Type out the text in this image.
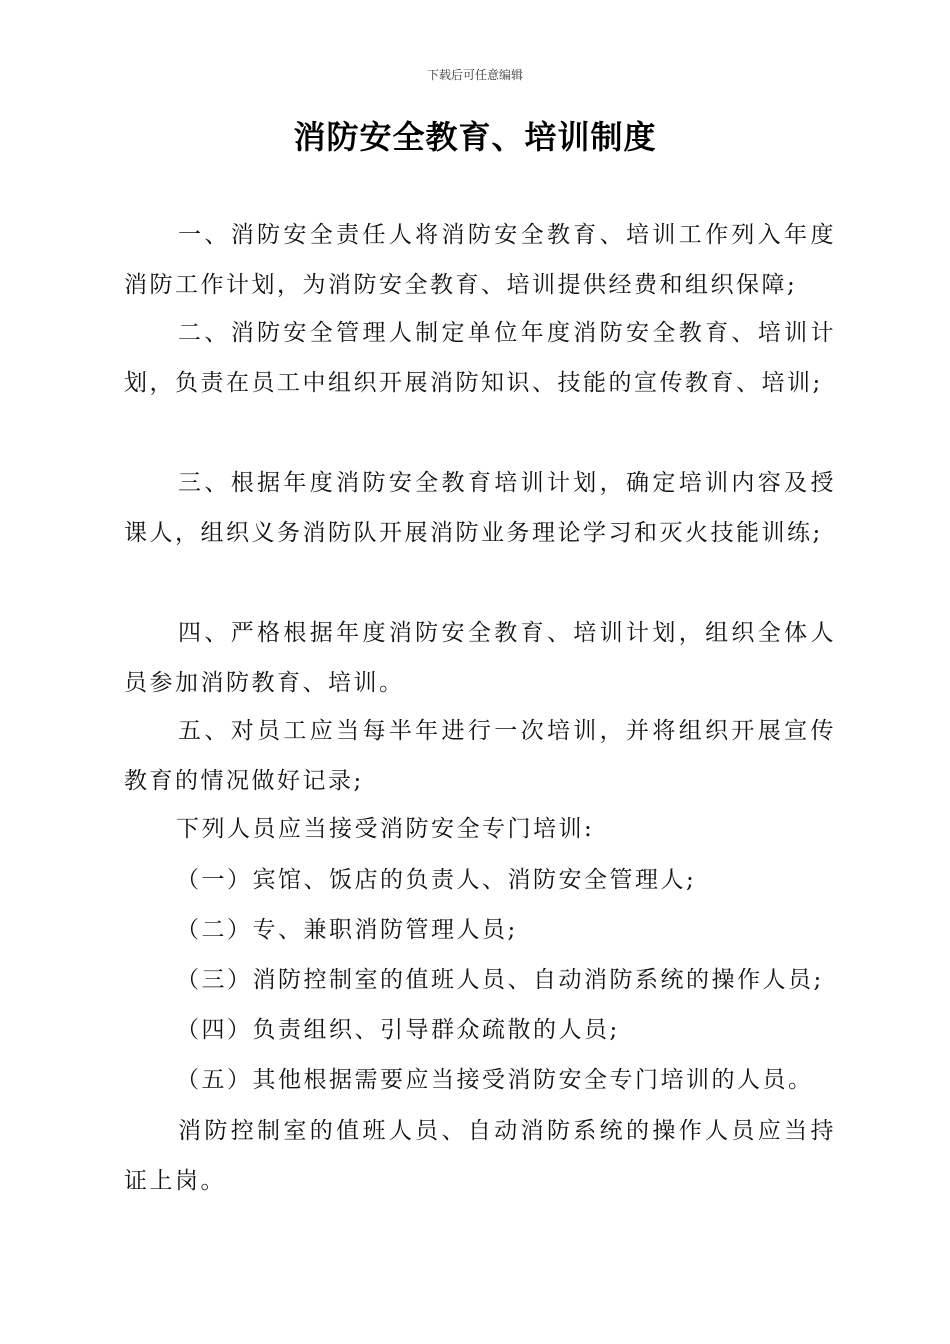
下载后可任意编辑
消防安全教育、培训制度

一、消防安全责任人将消防安全教育、培训工作列入年度消防工作计划，为消防安全教育、培训提供经费和组织保障;

二、消防安全管理人制定单位年度消防安全教育、培训计划，负责在员工中组织开展消防知识、技能的宣传教育、培训;

三、根据年度消防安全教育培训计划，确定培训内容及授课人，组织义务消防队开展消防业务理论学习和灭火技能训练;

四、严格根据年度消防安全教育、培训计划，组织全体人员参加消防教育、培训。

五、对员工应当每半年进行一次培训，并将组织开展宣传教育的情况做好记录;

下列人员应当接受消防安全专门培训:

（一）宾馆、饭店的负责人、消防安全管理人;

（二）专、兼职消防管理人员;

（三）消防控制室的值班人员、自动消防系统的操作人员;

（四）负责组织、引导群众疏散的人员;

（五）其他根据需要应当接受消防安全专门培训的人员。

消防控制室的值班人员、自动消防系统的操作人员应当持证上岗。
